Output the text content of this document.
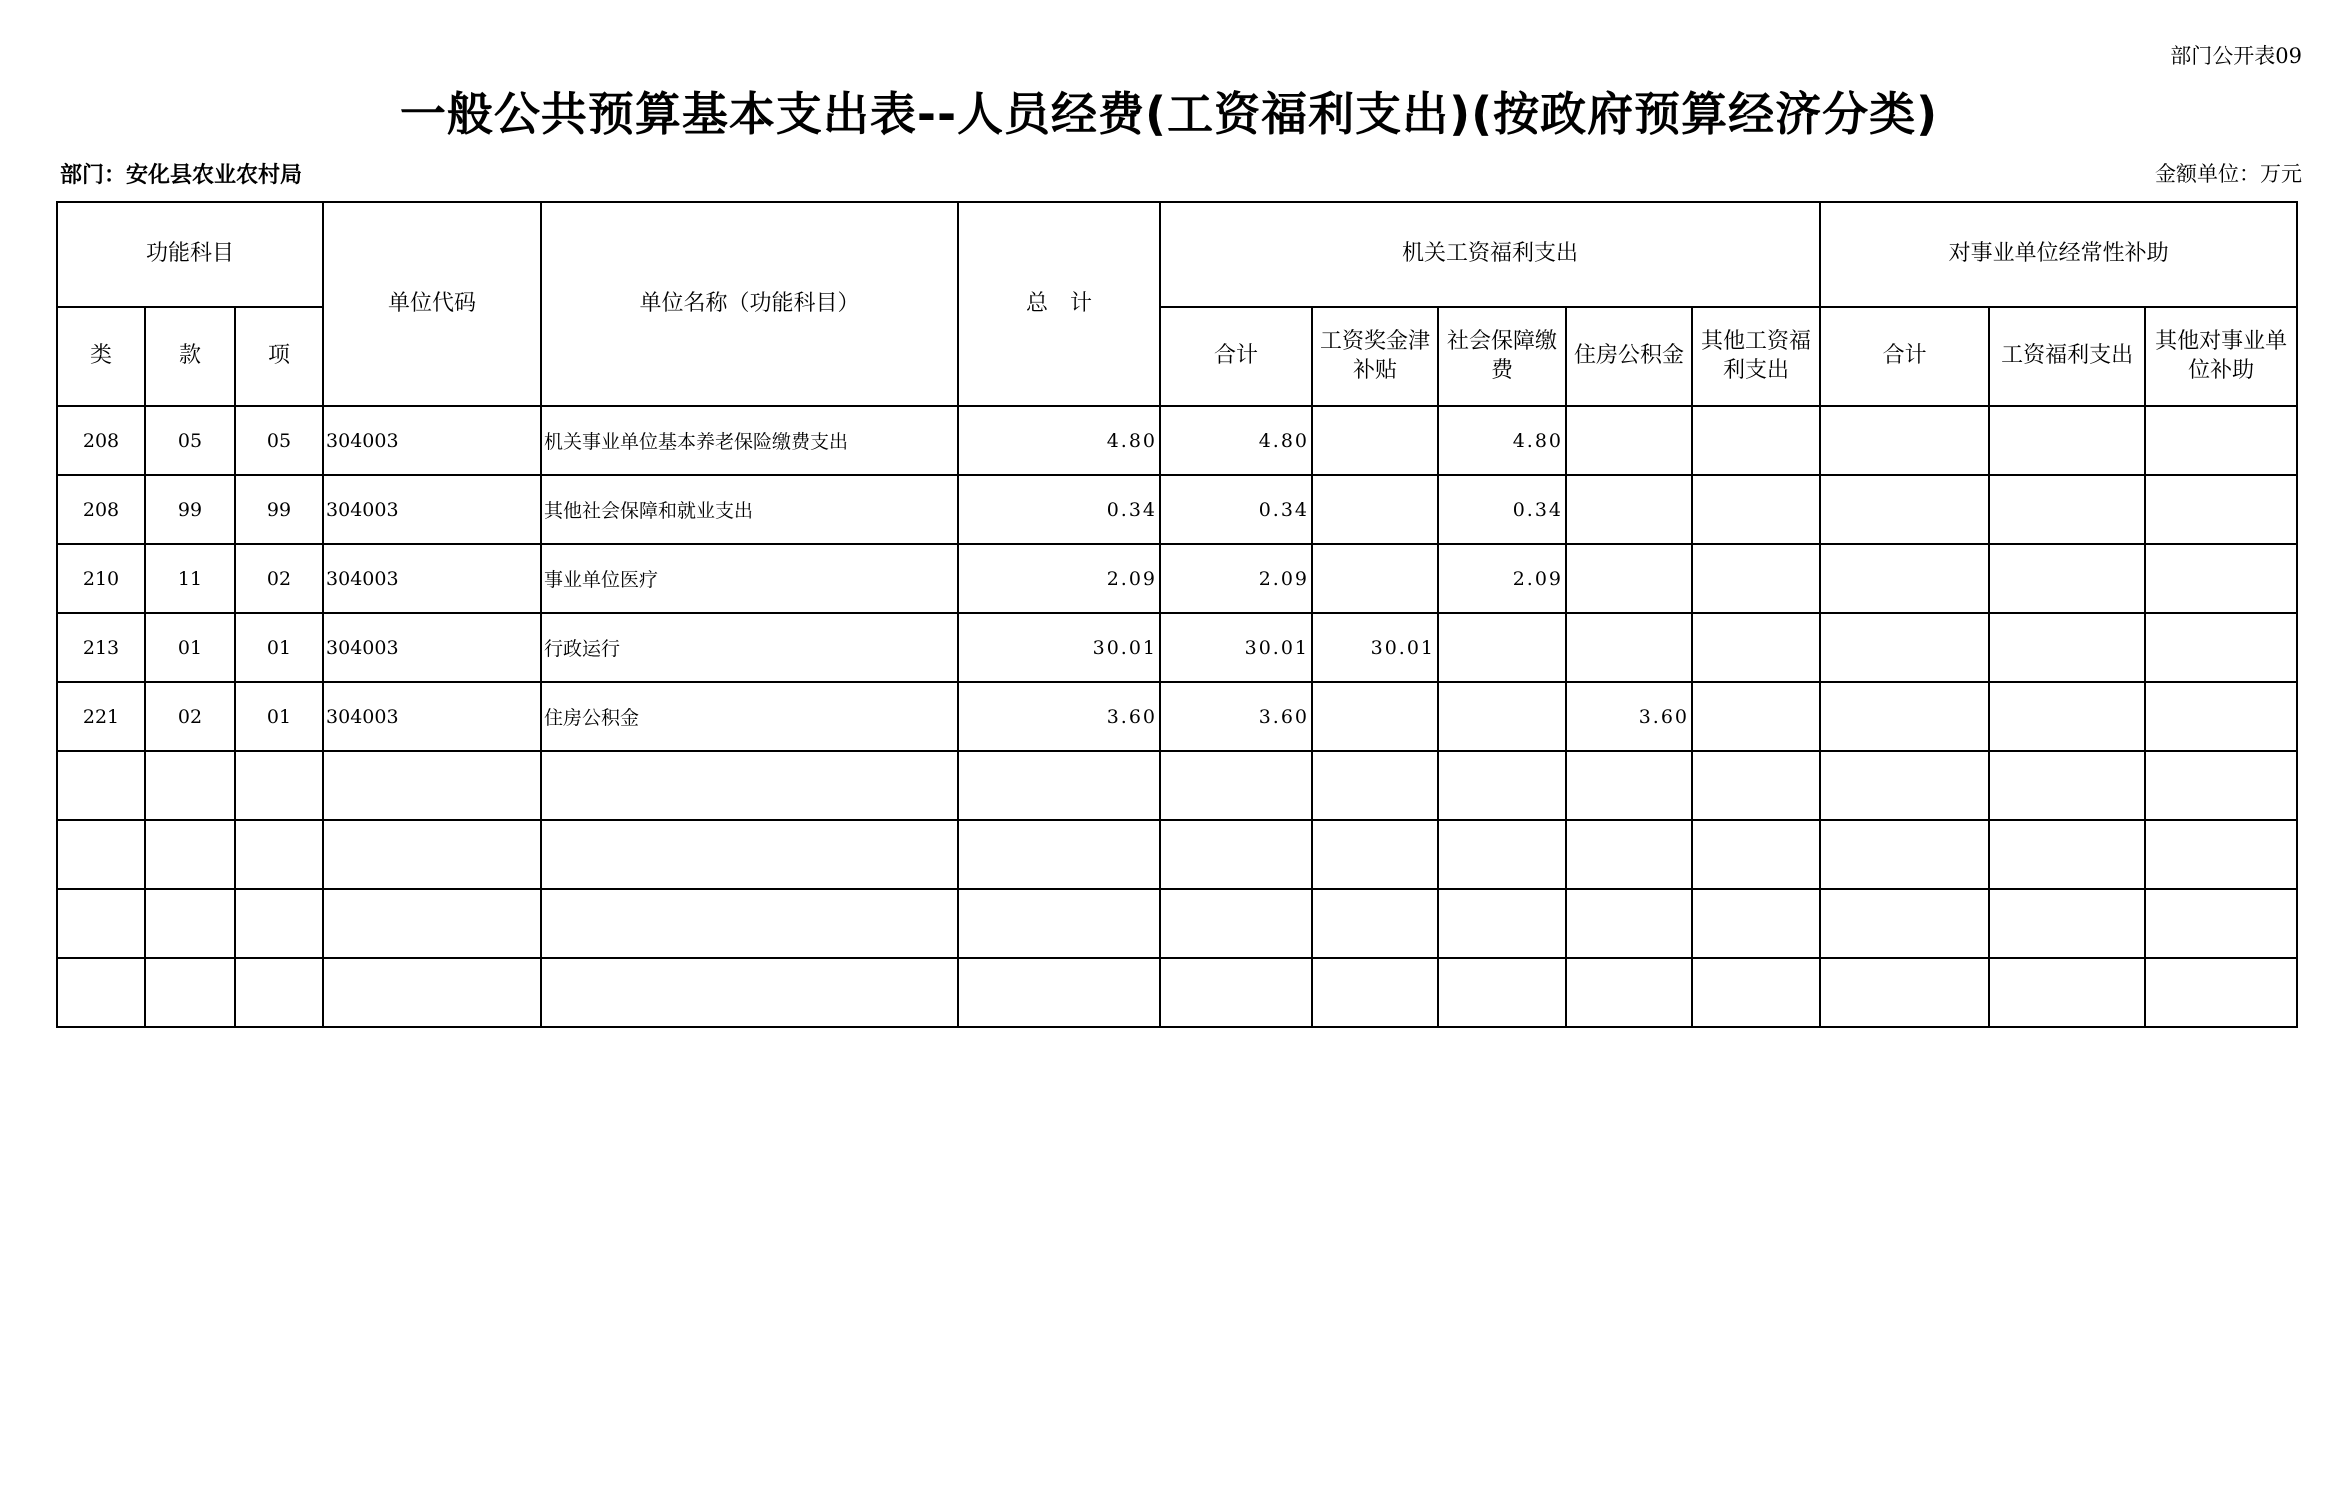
部门公开表09
一般公共预算基本支出表--人员经费(工资福利支出)(按政府预算经济分类)
部门：安化县农业农村局	金额单位：万元
功能科目			单位代码	单位名称（功能科目）	总　计	机关工资福利支出					对事业单位经常性补助		
类	款	项				合计	工资奖金津补贴	社会保障缴费	住房公积金	其他工资福利支出	合计	工资福利支出	其他对事业单位补助
208	05	05	304003	机关事业单位基本养老保险缴费支出	4.80	4.80		4.80					
208	99	99	304003	其他社会保障和就业支出	0.34	0.34		0.34					
210	11	02	304003	事业单位医疗	2.09	2.09		2.09					
213	01	01	304003	行政运行	30.01	30.01	30.01						
221	02	01	304003	住房公积金	3.60	3.60			3.60				
